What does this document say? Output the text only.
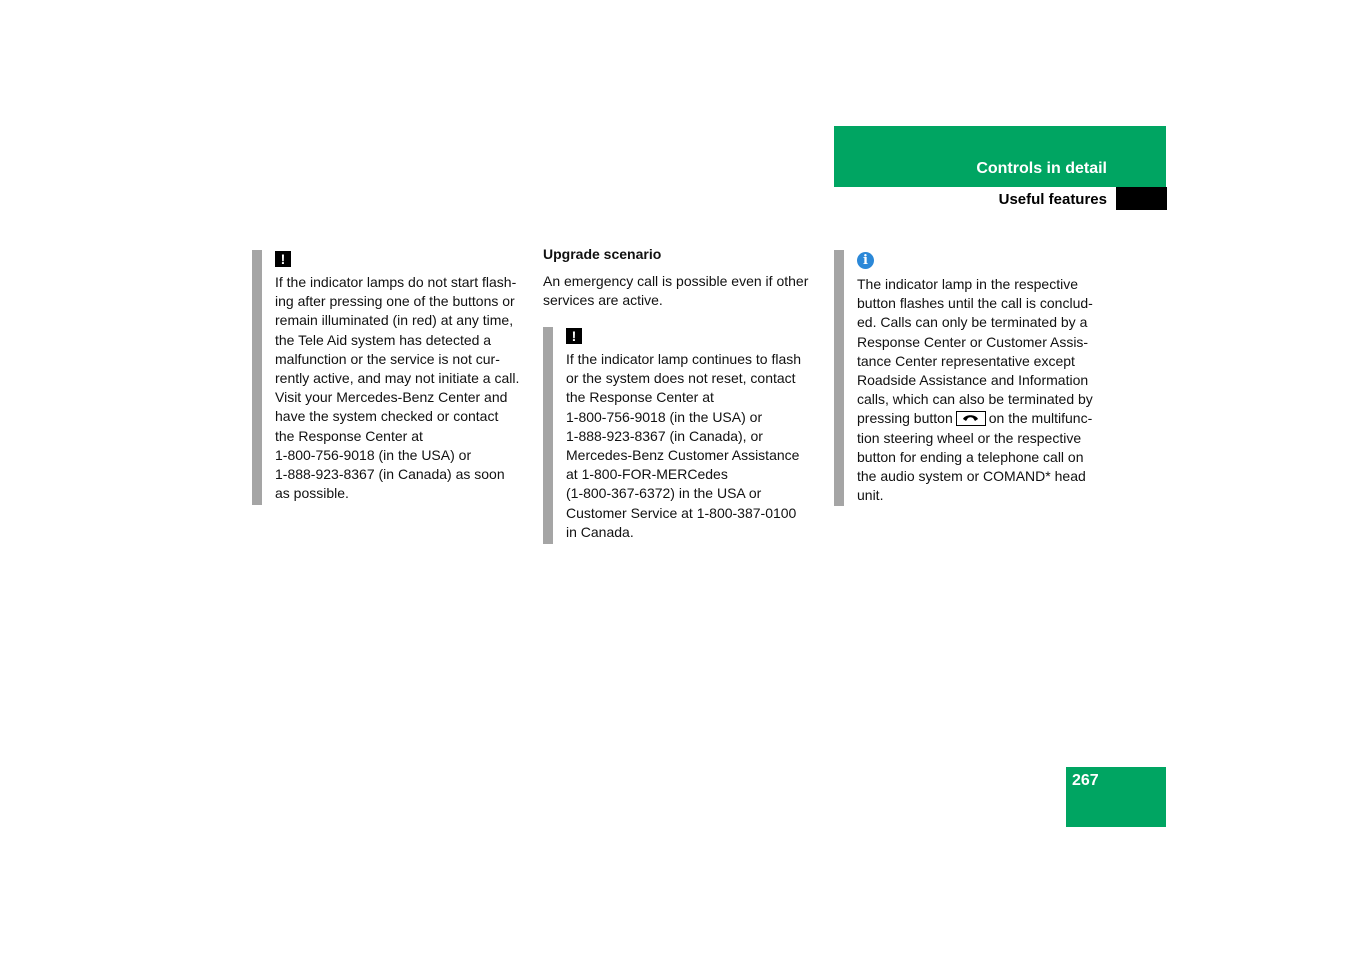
Controls in detail
Useful features
!
If the indicator lamps do not start flash-
ing after pressing one of the buttons or
remain illuminated (in red) at any time,
the Tele Aid system has detected a
malfunction or the service is not cur-
rently active, and may not initiate a call.
Visit your Mercedes-Benz Center and
have the system checked or contact
the Response Center at
1-800-756-9018 (in the USA) or
1-888-923-8367 (in Canada) as soon
as possible.
Upgrade scenario
An emergency call is possible even if other
services are active.
!
If the indicator lamp continues to flash
or the system does not reset, contact
the Response Center at
1-800-756-9018 (in the USA) or
1-888-923-8367 (in Canada), or
Mercedes-Benz Customer Assistance
at 1-800-FOR-MERCedes
(1-800-367-6372) in the USA or
Customer Service at 1-800-387-0100
in Canada.
i
The indicator lamp in the respective
button flashes until the call is conclud-
ed. Calls can only be terminated by a
Response Center or Customer Assis-
tance Center representative except
Roadside Assistance and Information
calls, which can also be terminated by
pressing button	on the multifunc-
tion steering wheel or the respective
button for ending a telephone call on
the audio system or COMAND* head
unit.
267
